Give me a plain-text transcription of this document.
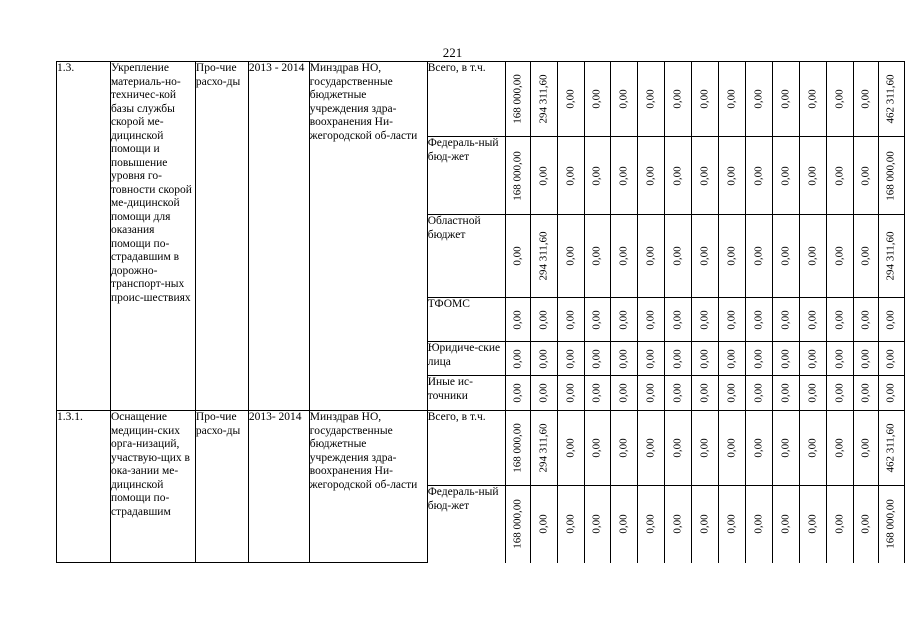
221
1.3.	Укрепление материаль-но-техничес-кой базы службы скорой ме-дицинской помощи и повышение уровня го-товности скорой ме-дицинской помощи для оказания помощи по-страдавшим в дорожно-транспорт-ных проис-шествиях	Про-чие расхо-ды	2013 - 2014	Минздрав НО, государственные бюджетные учреждения здра-воохранения Ни-жегородской об-ласти	Всего, в т.ч.	168 000,00	294 311,60	0,00	0,00	0,00	0,00	0,00	0,00	0,00	0,00	0,00	0,00	0,00	0,00	462 311,60

					Федераль-ный бюд-жет	168 000,00	0,00	0,00	0,00	0,00	0,00	0,00	0,00	0,00	0,00	0,00	0,00	0,00	0,00	168 000,00

					Областной бюджет	0,00	294 311,60	0,00	0,00	0,00	0,00	0,00	0,00	0,00	0,00	0,00	0,00	0,00	0,00	294 311,60

					ТФОМС	0,00	0,00	0,00	0,00	0,00	0,00	0,00	0,00	0,00	0,00	0,00	0,00	0,00	0,00	0,00

					Юридиче-ские лица	0,00	0,00	0,00	0,00	0,00	0,00	0,00	0,00	0,00	0,00	0,00	0,00	0,00	0,00	0,00

					Иные ис-точники	0,00	0,00	0,00	0,00	0,00	0,00	0,00	0,00	0,00	0,00	0,00	0,00	0,00	0,00	0,00

1.3.1.	Оснащение медицин-ских орга-низаций, участвую-щих в ока-зании ме-дицинской помощи по-страдавшим	Про-чие расхо-ды	2013- 2014	Минздрав НО, государственные бюджетные учреждения здра-воохранения Ни-жегородской об-ласти	Всего, в т.ч.	168 000,00	294 311,60	0,00	0,00	0,00	0,00	0,00	0,00	0,00	0,00	0,00	0,00	0,00	0,00	462 311,60

					Федераль-ный бюд-жет	168 000,00	0,00	0,00	0,00	0,00	0,00	0,00	0,00	0,00	0,00	0,00	0,00	0,00	0,00	168 000,00
